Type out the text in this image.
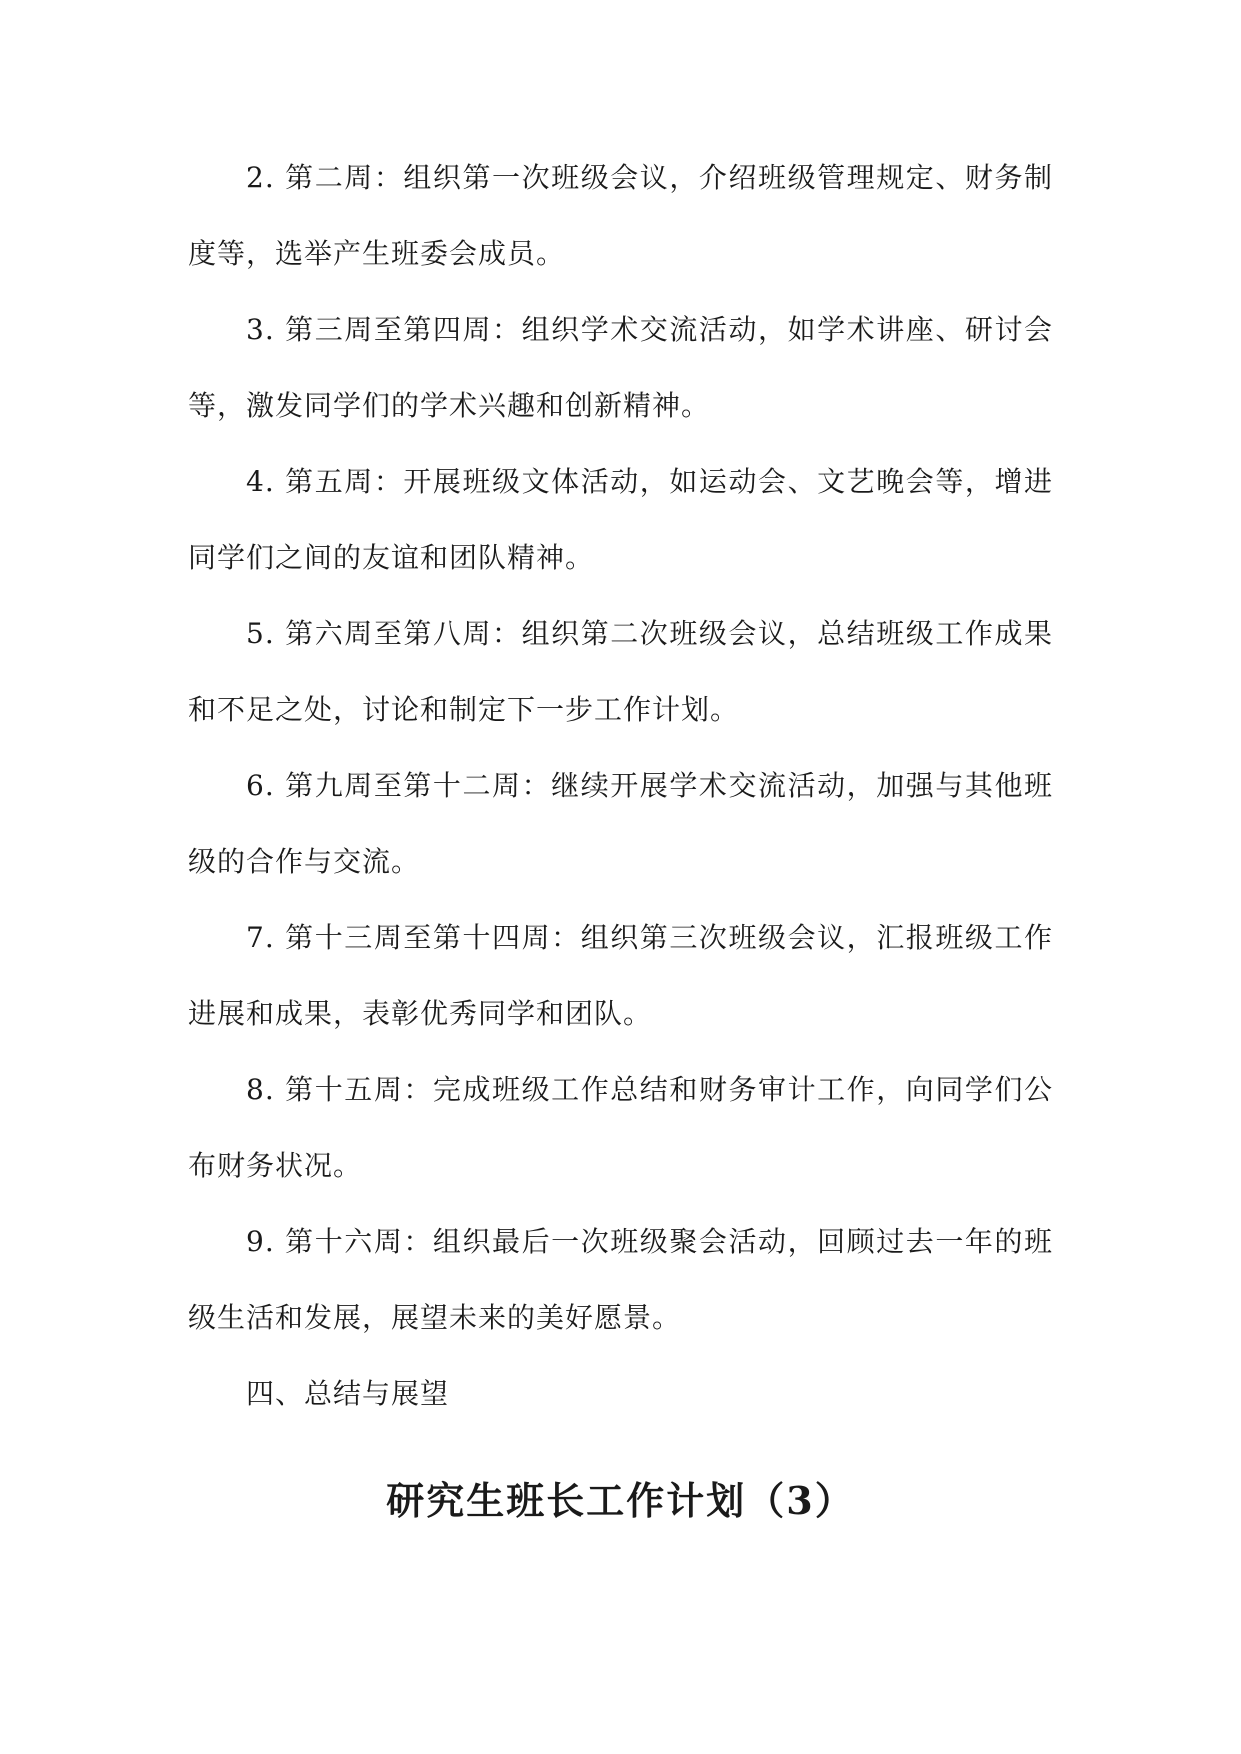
2. 第二周：组织第一次班级会议，介绍班级管理规定、财务制度等，选举产生班委会成员。

3. 第三周至第四周：组织学术交流活动，如学术讲座、研讨会等，激发同学们的学术兴趣和创新精神。

4. 第五周：开展班级文体活动，如运动会、文艺晚会等，增进同学们之间的友谊和团队精神。

5. 第六周至第八周：组织第二次班级会议，总结班级工作成果和不足之处，讨论和制定下一步工作计划。

6. 第九周至第十二周：继续开展学术交流活动，加强与其他班级的合作与交流。

7. 第十三周至第十四周：组织第三次班级会议，汇报班级工作进展和成果，表彰优秀同学和团队。

8. 第十五周：完成班级工作总结和财务审计工作，向同学们公布财务状况。

9. 第十六周：组织最后一次班级聚会活动，回顾过去一年的班级生活和发展，展望未来的美好愿景。

四、总结与展望

研究生班长工作计划（3）
